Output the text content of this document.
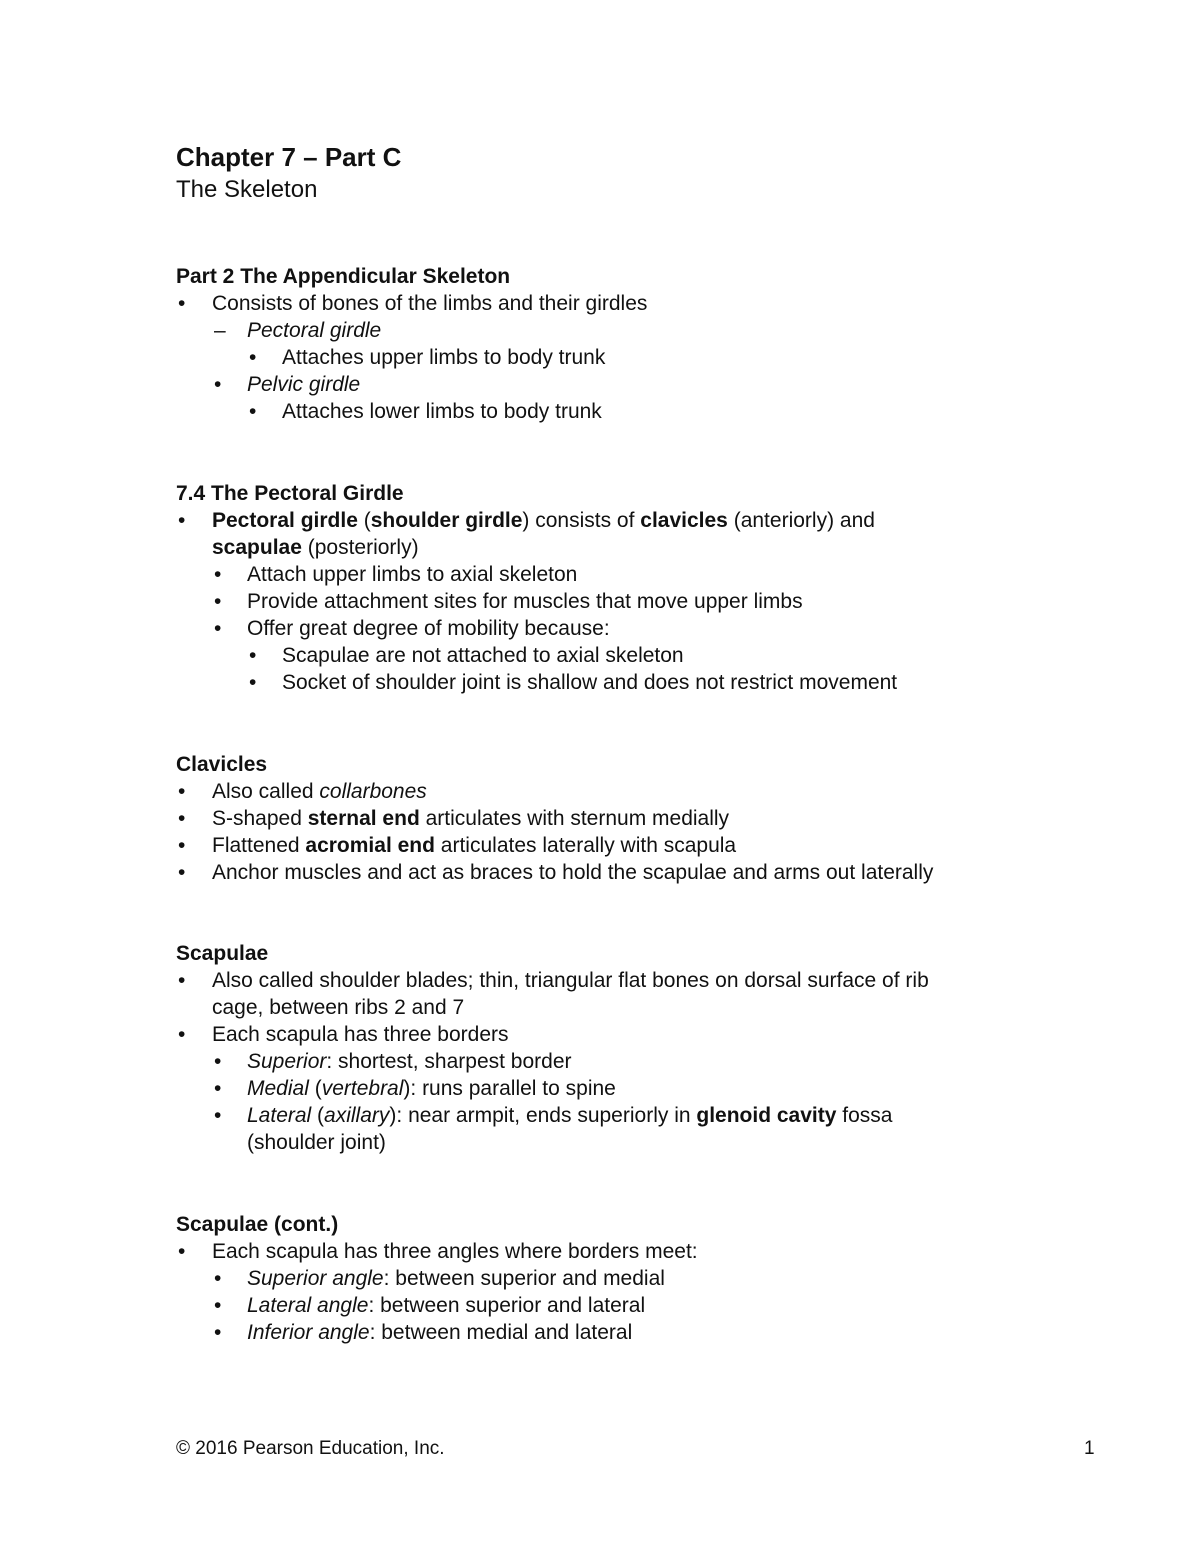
Chapter 7 – Part C
The Skeleton
Part 2 The Appendicular Skeleton
• Consists of bones of the limbs and their girdles
– Pectoral girdle
• Attaches upper limbs to body trunk
• Pelvic girdle
• Attaches lower limbs to body trunk
7.4 The Pectoral Girdle
• Pectoral girdle (shoulder girdle) consists of clavicles (anteriorly) and
scapulae (posteriorly)
• Attach upper limbs to axial skeleton
• Provide attachment sites for muscles that move upper limbs
• Offer great degree of mobility because:
• Scapulae are not attached to axial skeleton
• Socket of shoulder joint is shallow and does not restrict movement
Clavicles
• Also called collarbones
• S-shaped sternal end articulates with sternum medially
• Flattened acromial end articulates laterally with scapula
• Anchor muscles and act as braces to hold the scapulae and arms out laterally
Scapulae
• Also called shoulder blades; thin, triangular flat bones on dorsal surface of rib
cage, between ribs 2 and 7
• Each scapula has three borders
• Superior: shortest, sharpest border
• Medial (vertebral): runs parallel to spine
• Lateral (axillary): near armpit, ends superiorly in glenoid cavity fossa
(shoulder joint)
Scapulae (cont.)
• Each scapula has three angles where borders meet:
• Superior angle: between superior and medial
• Lateral angle: between superior and lateral
• Inferior angle: between medial and lateral
© 2016 Pearson Education, Inc.	1
